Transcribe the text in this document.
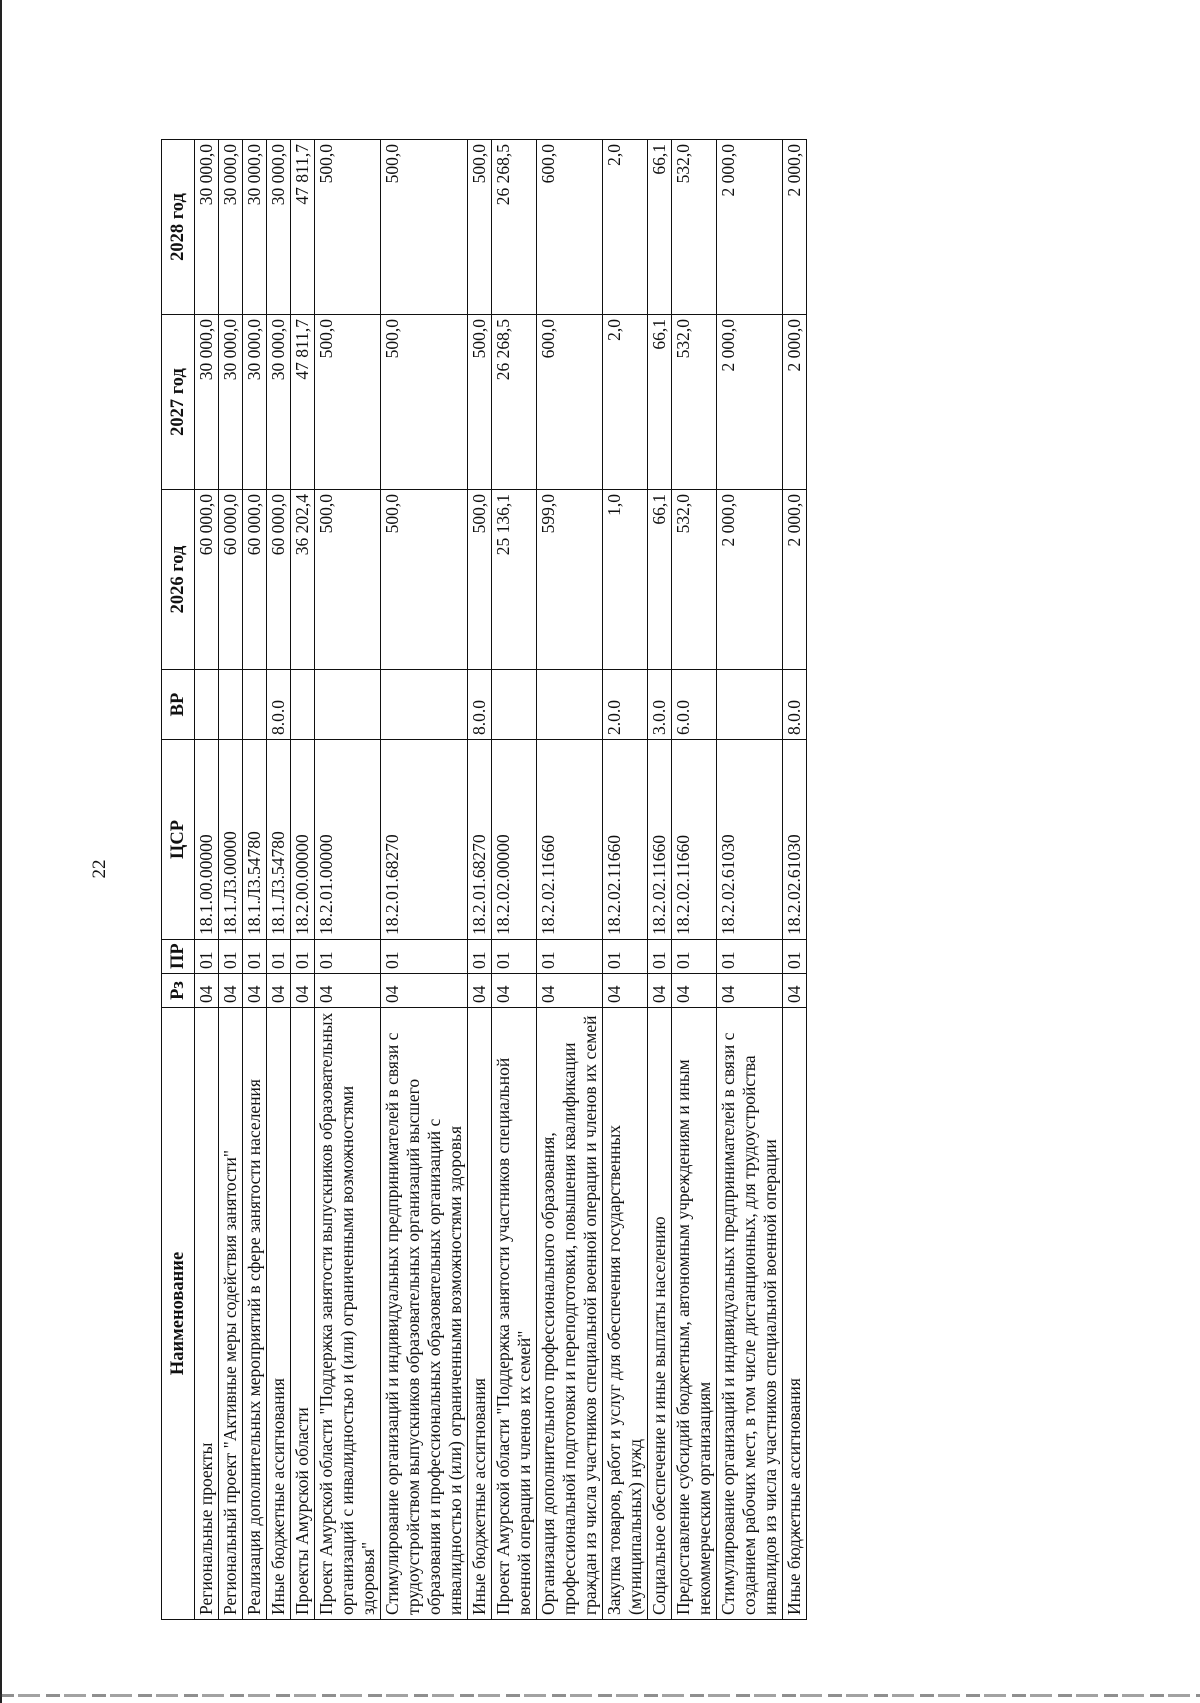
22
Наименование	Рз	ПР	ЦСР	ВР	2026 год	2027 год	2028 год
Региональные проекты	04	01	18.1.00.00000		60 000,0	30 000,0	30 000,0
Региональный проект "Активные меры содействия занятости"	04	01	18.1.Л3.00000		60 000,0	30 000,0	30 000,0
Реализация дополнительных мероприятий в сфере занятости населения	04	01	18.1.Л3.54780		60 000,0	30 000,0	30 000,0
Иные бюджетные ассигнования	04	01	18.1.Л3.54780	8.0.0	60 000,0	30 000,0	30 000,0
Проекты Амурской области	04	01	18.2.00.00000		36 202,4	47 811,7	47 811,7
Проект Амурской области "Поддержка занятости выпускников образовательных организаций с инвалидностью и (или) ограниченными возможностями здоровья"	04	01	18.2.01.00000		500,0	500,0	500,0
Стимулирование организаций и индивидуальных предпринимателей в связи с трудоустройством выпускников образовательных организаций высшего образования и профессиональных образовательных организаций с инвалидностью и (или) ограниченными возможностями здоровья	04	01	18.2.01.68270		500,0	500,0	500,0
Иные бюджетные ассигнования	04	01	18.2.01.68270	8.0.0	500,0	500,0	500,0
Проект Амурской области "Поддержка занятости участников специальной военной операции и членов их семей"	04	01	18.2.02.00000		25 136,1	26 268,5	26 268,5
Организация дополнительного профессионального образования, профессиональной подготовки и переподготовки, повышения квалификации граждан из числа участников специальной военной операции и членов их семей	04	01	18.2.02.11660		599,0	600,0	600,0
Закупка товаров, работ и услуг для обеспечения государственных (муниципальных) нужд	04	01	18.2.02.11660	2.0.0	1,0	2,0	2,0
Социальное обеспечение и иные выплаты населению	04	01	18.2.02.11660	3.0.0	66,1	66,1	66,1
Предоставление субсидий бюджетным, автономным учреждениям и иным некоммерческим организациям	04	01	18.2.02.11660	6.0.0	532,0	532,0	532,0
Стимулирование организаций и индивидуальных предпринимателей в связи с созданием рабочих мест, в том числе дистанционных, для трудоустройства инвалидов из числа участников специальной военной операции	04	01	18.2.02.61030		2 000,0	2 000,0	2 000,0
Иные бюджетные ассигнования	04	01	18.2.02.61030	8.0.0	2 000,0	2 000,0	2 000,0
